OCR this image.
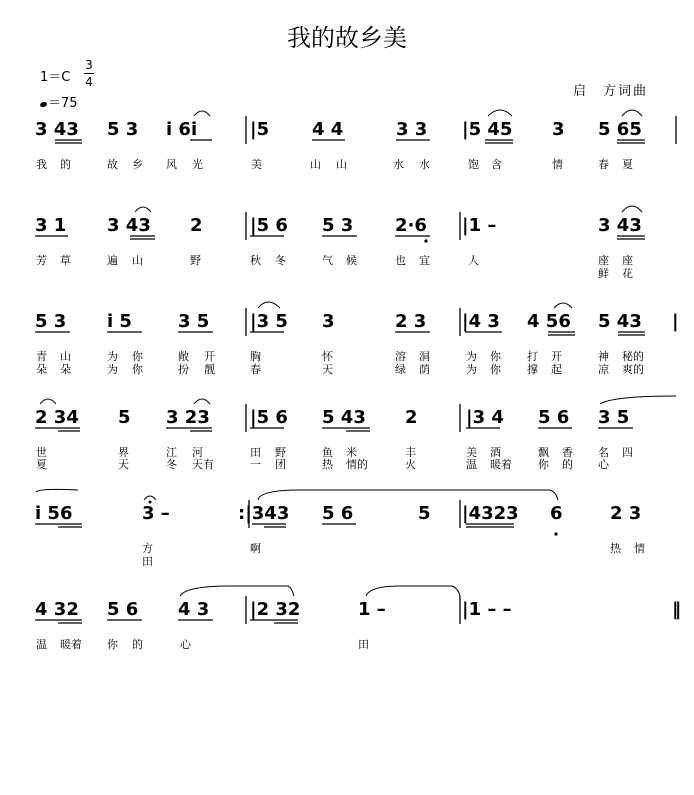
我的故乡美
1＝C
3
4
＝75
启　方词曲
3 43 5 3 i 6i	|5 4 4	3 3 |5 45 3 5 65
我 的	故 乡 风 光	美	山 山	水 水	饱 含	情	春 夏
3 1 3 43 2	|5 6 5 3 2·6 |1 –	3 43
芳 草	遍 山	野	秋 冬	气 候	也 宜	人	座 座
鲜 花
5 3 i 5	3 5 |3 5 3	2 3 |4 3 4 56 5 43 |
青 山	为 你	敞 开	胸	怀	溶 洞	为 你 打 开	神 秘的
朵 朵	为 你	扮 靓	春	天	绿 荫	为 你 撑 起	凉 爽的
2 34 5 3 23 |5 6 5 43 2	|3 4 5 6 3 5
世	界	江 河	田 野	鱼 米	丰	美 酒	飘 香 名 四
夏	天	冬 天有	一 团	热 情的	火	温 暖着 你 的 心
i 56	3 –	:|343 5 6	5 |4323 6	2 3
方	啊	热 情
田
4 32 5 6 4 3 |2 32	1 –	|1 – –	‖
温 暖着 你 的	心	田
